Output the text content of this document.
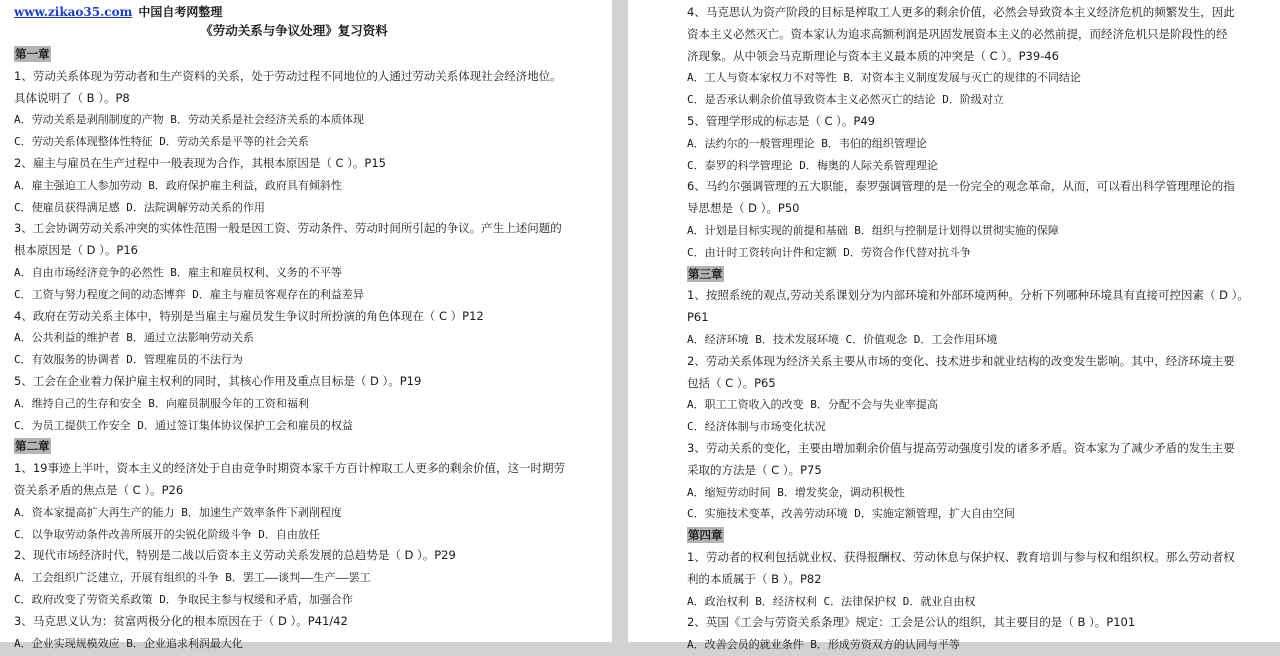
www.zikao35.com 中国自考网整理
《劳动关系与争议处理》复习资料
第一章
1、劳动关系体现为劳动者和生产资料的关系，处于劳动过程不同地位的人通过劳动关系体现社会经济地位。
具体说明了（ B ）。P8
A．劳动关系是剥削制度的产物 B．劳动关系是社会经济关系的本质体现
C．劳动关系体现整体性特征 D．劳动关系是平等的社会关系
2、雇主与雇员在生产过程中一般表现为合作，其根本原因是（ C ）。P15
A．雇主强迫工人参加劳动 B．政府保护雇主利益，政府具有倾斜性
C．使雇员获得满足感 D．法院调解劳动关系的作用
3、工会协调劳动关系冲突的实体性范围一般是因工资、劳动条件、劳动时间所引起的争议。产生上述问题的
根本原因是（ D ）。P16
A．自由市场经济竞争的必然性 B．雇主和雇员权利、义务的不平等
C．工资与努力程度之间的动态博弈 D．雇主与雇员客观存在的利益差异
4、政府在劳动关系主体中，特别是当雇主与雇员发生争议时所扮演的角色体现在（ C ）P12
A．公共利益的维护者 B．通过立法影响劳动关系
C．有效服务的协调者 D．管理雇员的不法行为
5、工会在企业着力保护雇主权利的同时，其核心作用及重点目标是（ D ）。P19
A．维持自己的生存和安全 B．向雇员制服今年的工资和福利
C．为员工提供工作安全 D．通过签订集体协议保护工会和雇员的权益
第二章
1、19事迹上半叶，资本主义的经济处于自由竞争时期资本家千方百计榨取工人更多的剩余价值，这一时期劳
资关系矛盾的焦点是（ C ）。P26
A．资本家提高扩大再生产的能力 B．加速生产效率条件下剥削程度
C．以争取劳动条件改善所展开的尖锐化阶级斗争 D．自由放任
2、现代市场经济时代，特别是二战以后资本主义劳动关系发展的总趋势是（ D ）。P29
A．工会组织广泛建立，开展有组织的斗争 B．罢工——谈判——生产——罢工
C．政府改变了劳资关系政策 D．争取民主参与权缓和矛盾，加强合作
3、马克思义认为：贫富两极分化的根本原因在于（ D ）。P41/42
A．企业实现规模效应 B．企业追求利润最大化
4、马克思认为资产阶段的目标是榨取工人更多的剩余价值，必然会导致资本主义经济危机的频繁发生，因此
资本主义必然灭亡。资本家认为追求高额利润是巩固发展资本主义的必然前提，而经济危机只是阶段性的经
济现象。从中领会马克斯理论与资本主义最本质的冲突是（ C ）。P39-46
A．工人与资本家权力不对等性 B．对资本主义制度发展与灭亡的规律的不同结论
C．是否承认剩余价值导致资本主义必然灭亡的结论 D．阶级对立
5、管理学形成的标志是（ C ）。P49
A．法约尔的一般管理理论 B．韦伯的组织管理论
C．泰罗的科学管理论 D．梅奥的人际关系管理理论
6、马约尔强调管理的五大职能，泰罗强调管理的是一份完全的观念革命，从而，可以看出科学管理理论的指
导思想是（ D ）。P50
A．计划是目标实现的前提和基础 B．组织与控制是计划得以贯彻实施的保障
C．由计时工资转向计件和定额 D．劳资合作代替对抗斗争
第三章
1、按照系统的观点,劳动关系课划分为内部环境和外部环境两种。分析下列哪种环境具有直接可控因素（ D ）。
P61
A．经济环境 B．技术发展环境 C．价值观念 D．工会作用环境
2、劳动关系体现为经济关系主要从市场的变化、技术进步和就业结构的改变发生影响。其中，经济环境主要
包括（ C ）。P65
A．职工工资收入的改变 B．分配不会与失业率提高
C．经济体制与市场变化状况
3、劳动关系的变化，主要由增加剩余价值与提高劳动强度引发的诸多矛盾。资本家为了减少矛盾的发生主要
采取的方法是（ C ）。P75
A．缩短劳动时间 B．增发奖金，调动积极性
C．实施技术变革，改善劳动环境 D．实施定额管理，扩大自由空间
第四章
1、劳动者的权利包括就业权、获得报酬权、劳动休息与保护权、教育培训与参与权和组织权。那么劳动者权
利的本质属于（ B ）。P82
A．政治权利 B．经济权利 C．法律保护权 D．就业自由权
2、英国《工会与劳资关系条理》规定：工会是公认的组织，其主要目的是（ B ）。P101
A．改善会员的就业条件 B．形成劳资双方的认同与平等
